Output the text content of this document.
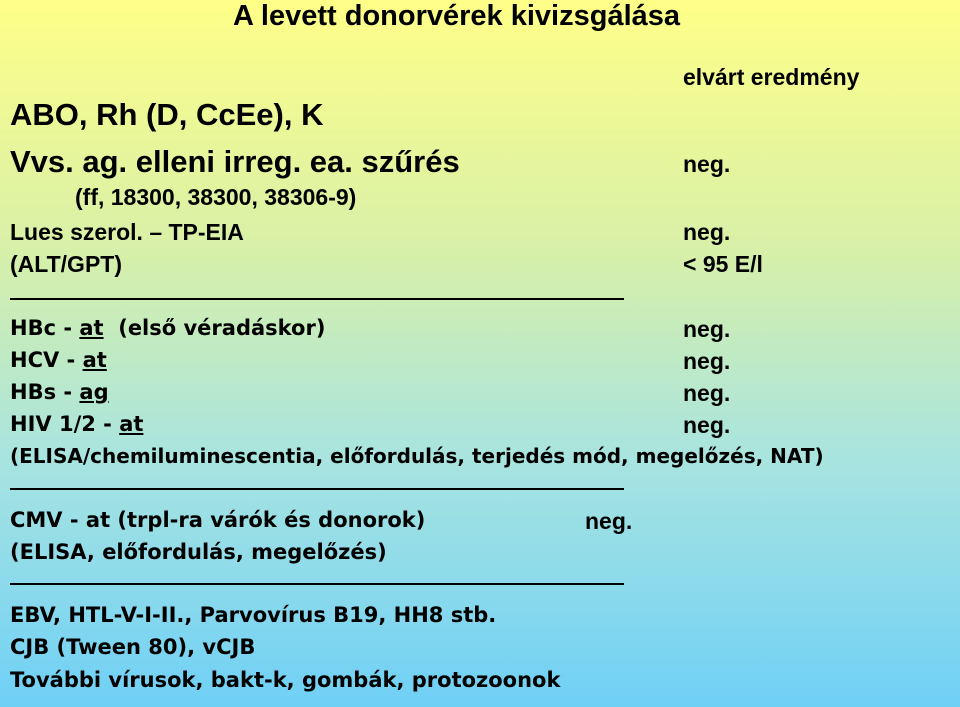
A levett donorvérek kivizsgálása
elvárt eredmény
ABO, Rh (D, CcEe), K
Vvs. ag. elleni irreg. ea. szűrés	neg.
(ff, 18300, 38300, 38306-9)
Lues szerol. – TP-EIA	neg.
(ALT/GPT)	< 95 E/l
HBc - at (első véradáskor)	neg.
HCV - at	neg.
HBs - ag	neg.
HIV 1/2 - at	neg.
(ELISA/chemiluminescentia, előfordulás, terjedés mód, megelőzés, NAT)
CMV - at (trpl-ra várók és donorok)	neg.
(ELISA, előfordulás, megelőzés)
EBV, HTL-V-I-II., Parvovírus B19, HH8 stb.
CJB (Tween 80), vCJB
További vírusok, bakt-k, gombák, protozoonok
